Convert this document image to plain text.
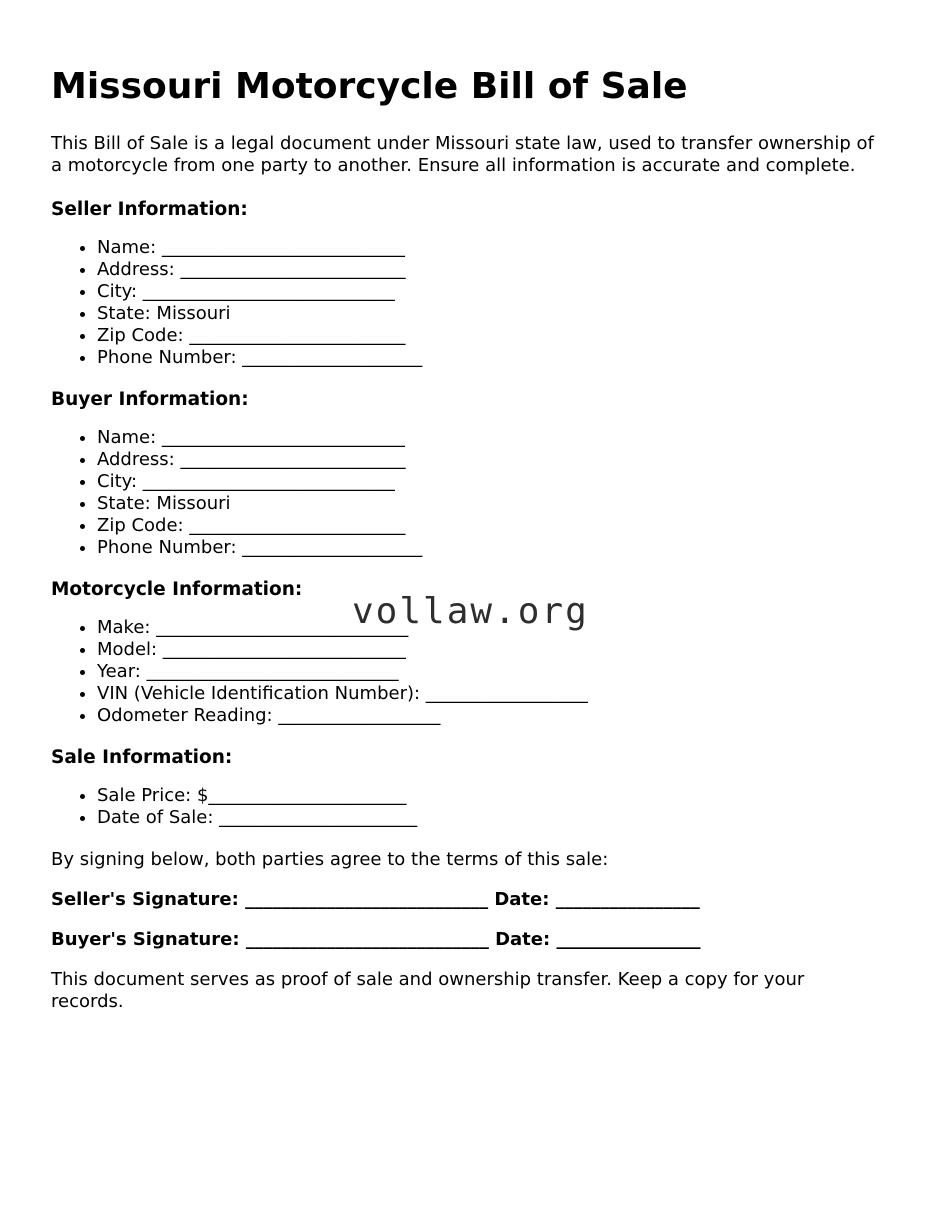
Missouri Motorcycle Bill of Sale

This Bill of Sale is a legal document under Missouri state law, used to transfer ownership of
a motorcycle from one party to another. Ensure all information is accurate and complete.

Seller Information:
• Name: ___________________________
• Address: _________________________
• City: ____________________________
• State: Missouri
• Zip Code: ________________________
• Phone Number: ____________________
Buyer Information:
• Name: ___________________________
• Address: _________________________
• City: ____________________________
• State: Missouri
• Zip Code: ________________________
• Phone Number: ____________________
Motorcycle Information:
• Make: ____________________________
• Model: ___________________________
• Year: ____________________________
• VIN (Vehicle Identification Number): __________________
• Odometer Reading: __________________
Sale Information:
• Sale Price: $______________________
• Date of Sale: ______________________

By signing below, both parties agree to the terms of this sale:

Seller's Signature: ___________________________ Date: ________________

Buyer's Signature: ___________________________ Date: ________________

This document serves as proof of sale and ownership transfer. Keep a copy for your
records.

vollaw.org
